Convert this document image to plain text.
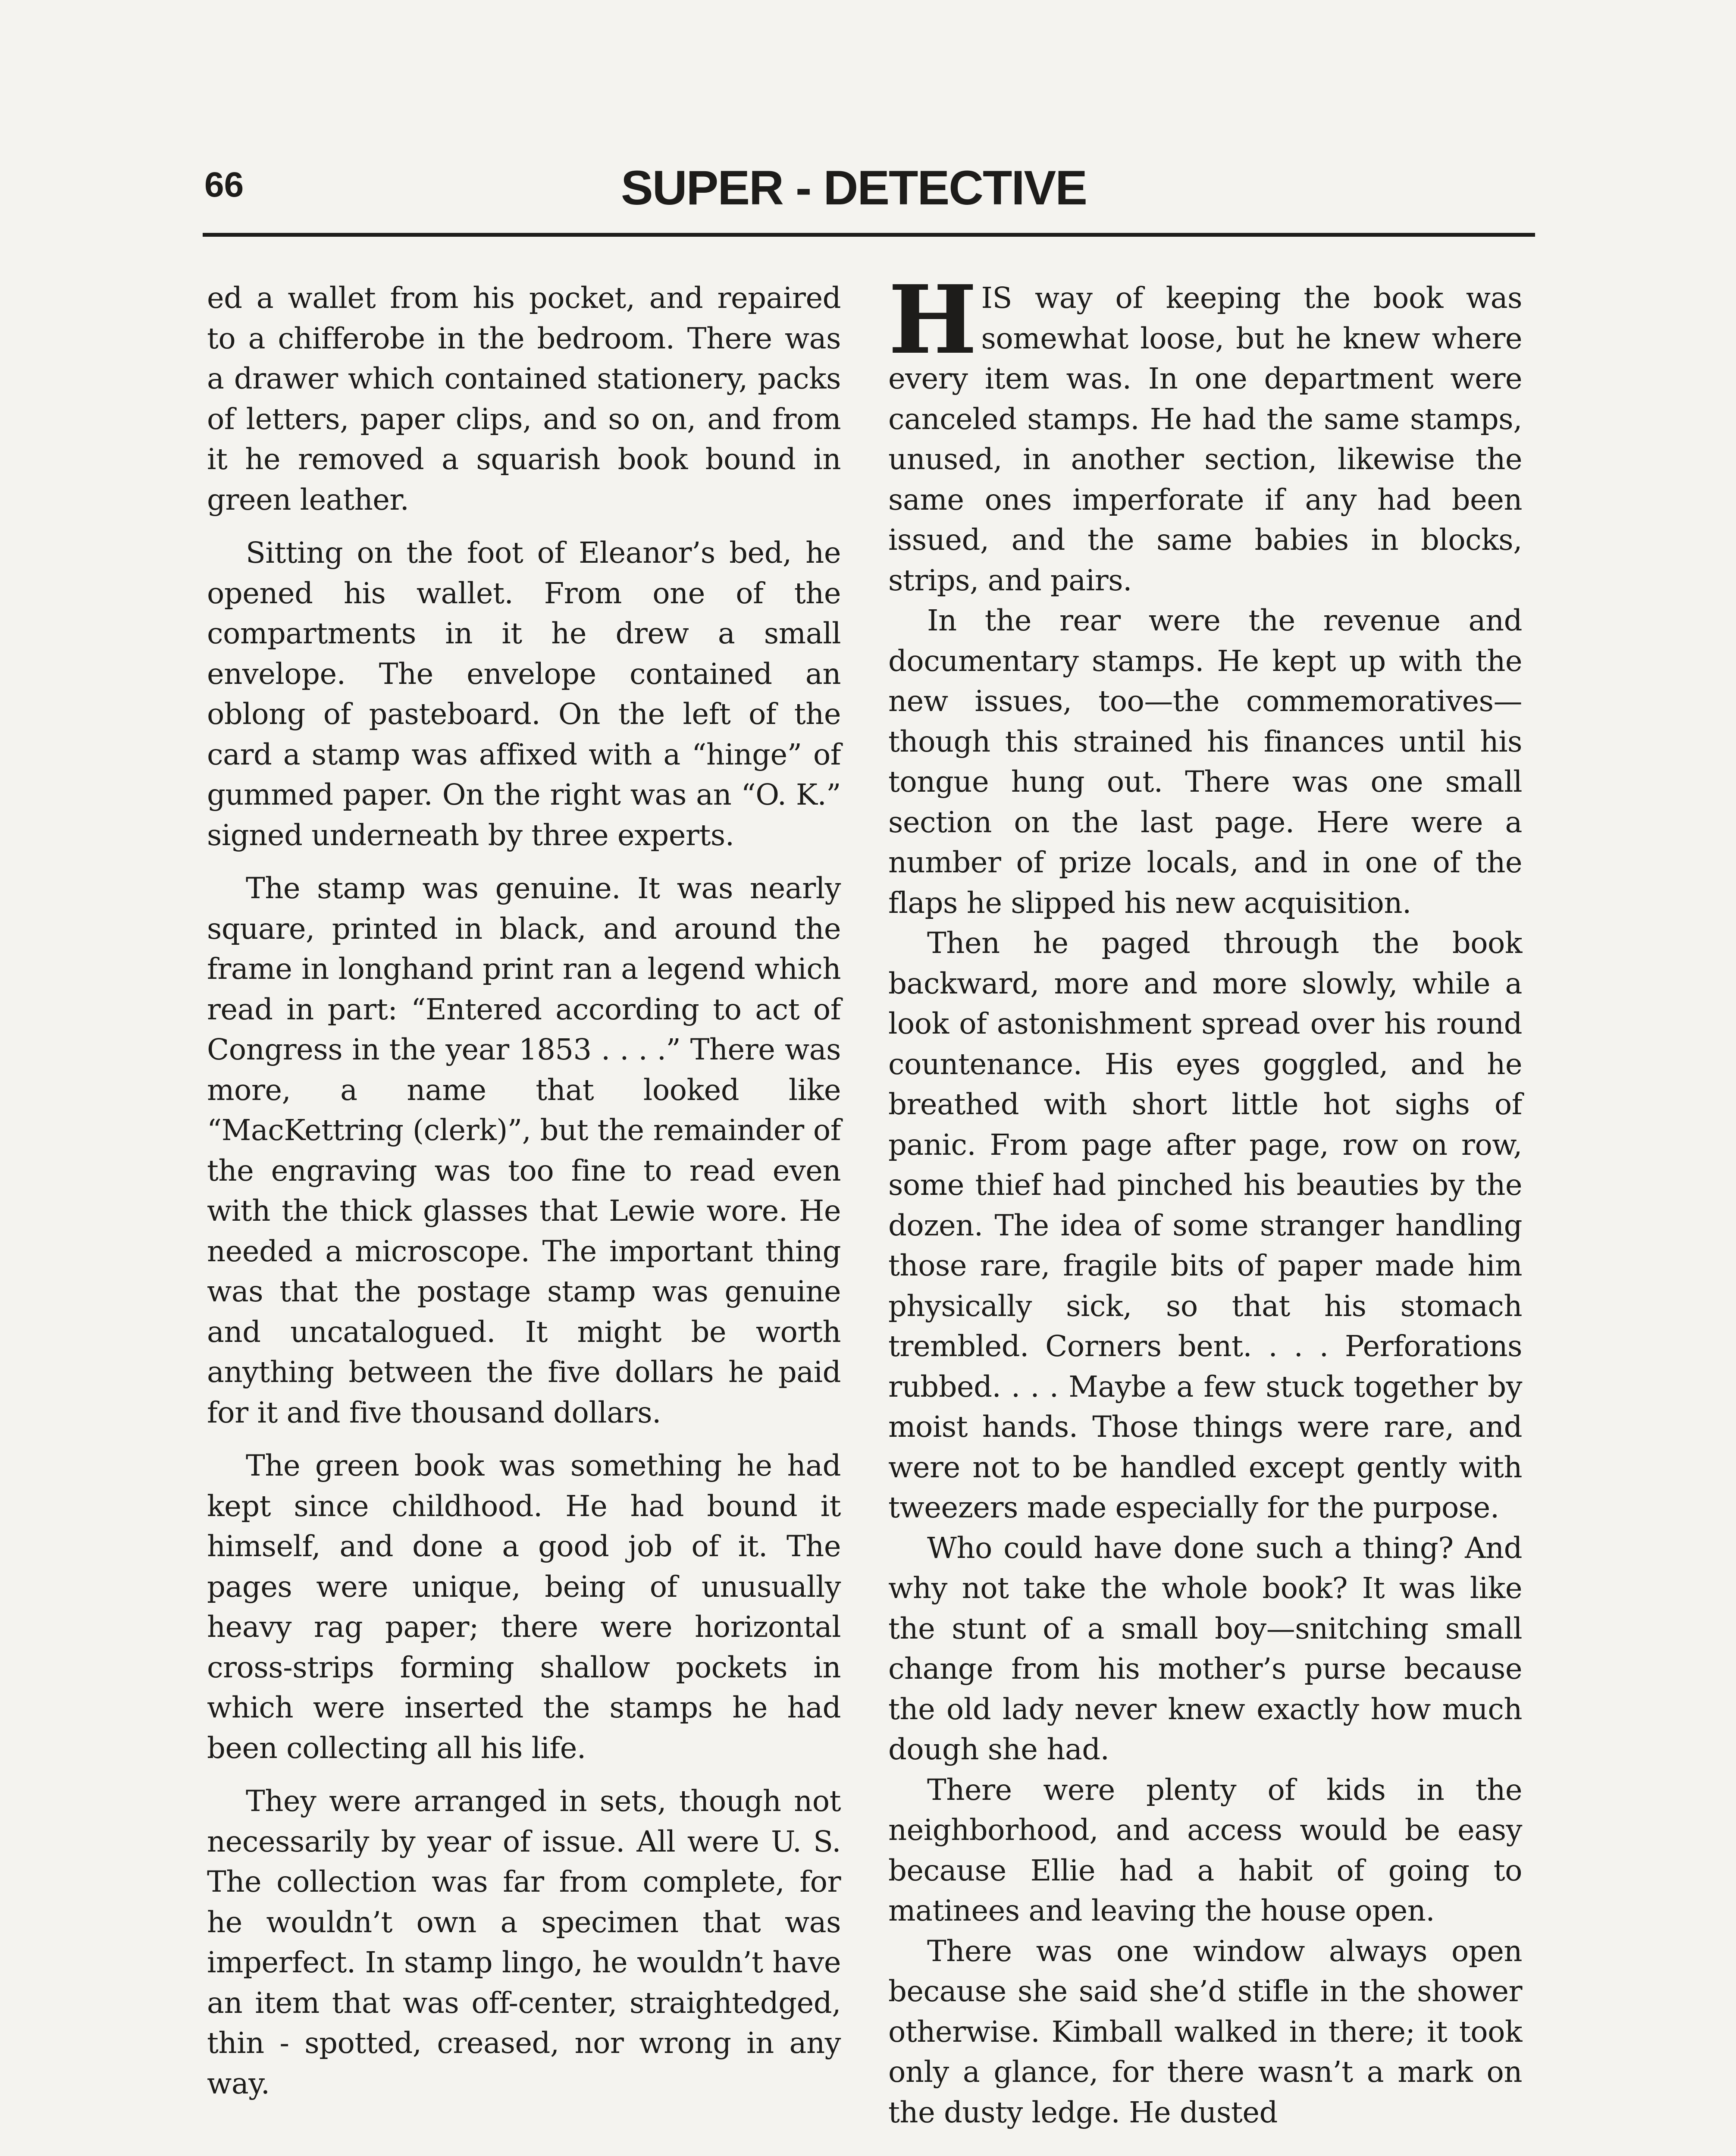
66	SUPER - DETECTIVE

ed a wallet from his pocket, and repaired to a chifferobe in the bedroom. There was a drawer which contained stationery, packs of letters, paper clips, and so on, and from it he removed a squarish book bound in green leather.

Sitting on the foot of Eleanor’s bed, he opened his wallet. From one of the compartments in it he drew a small envelope. The envelope contained an oblong of pasteboard. On the left of the card a stamp was affixed with a “hinge” of gummed paper. On the right was an “O. K.” signed underneath by three experts.

The stamp was genuine. It was nearly square, printed in black, and around the frame in longhand print ran a legend which read in part: “Entered according to act of Congress in the year 1853 . . . .” There was more, a name that looked like “MacKettring (clerk)”, but the remainder of the engraving was too fine to read even with the thick glasses that Lewie wore. He needed a microscope. The important thing was that the postage stamp was genuine and uncatalogued. It might be worth anything between the five dollars he paid for it and five thousand dollars.

The green book was something he had kept since childhood. He had bound it himself, and done a good job of it. The pages were unique, being of unusually heavy rag paper; there were horizontal cross-strips forming shallow pockets in which were inserted the stamps he had been collecting all his life.

They were arranged in sets, though not necessarily by year of issue. All were U. S. The collection was far from complete, for he wouldn’t own a specimen that was imperfect. In stamp lingo, he wouldn’t have an item that was off-center, straightedged, thin - spotted, creased, nor wrong in any way.

HIS way of keeping the book was somewhat loose, but he knew where every item was. In one department were canceled stamps. He had the same stamps, unused, in another section, likewise the same ones imperforate if any had been issued, and the same babies in blocks, strips, and pairs.

In the rear were the revenue and documentary stamps. He kept up with the new issues, too—the commemoratives—though this strained his finances until his tongue hung out. There was one small section on the last page. Here were a number of prize locals, and in one of the flaps he slipped his new acquisition.

Then he paged through the book backward, more and more slowly, while a look of astonishment spread over his round countenance. His eyes goggled, and he breathed with short little hot sighs of panic. From page after page, row on row, some thief had pinched his beauties by the dozen. The idea of some stranger handling those rare, fragile bits of paper made him physically sick, so that his stomach trembled. Corners bent. . . . Perforations rubbed. . . . Maybe a few stuck together by moist hands. Those things were rare, and were not to be handled except gently with tweezers made especially for the purpose.

Who could have done such a thing? And why not take the whole book? It was like the stunt of a small boy—snitching small change from his mother’s purse because the old lady never knew exactly how much dough she had.

There were plenty of kids in the neighborhood, and access would be easy because Ellie had a habit of going to matinees and leaving the house open.

There was one window always open because she said she’d stifle in the shower otherwise. Kimball walked in there; it took only a glance, for there wasn’t a mark on the dusty ledge. He dusted
